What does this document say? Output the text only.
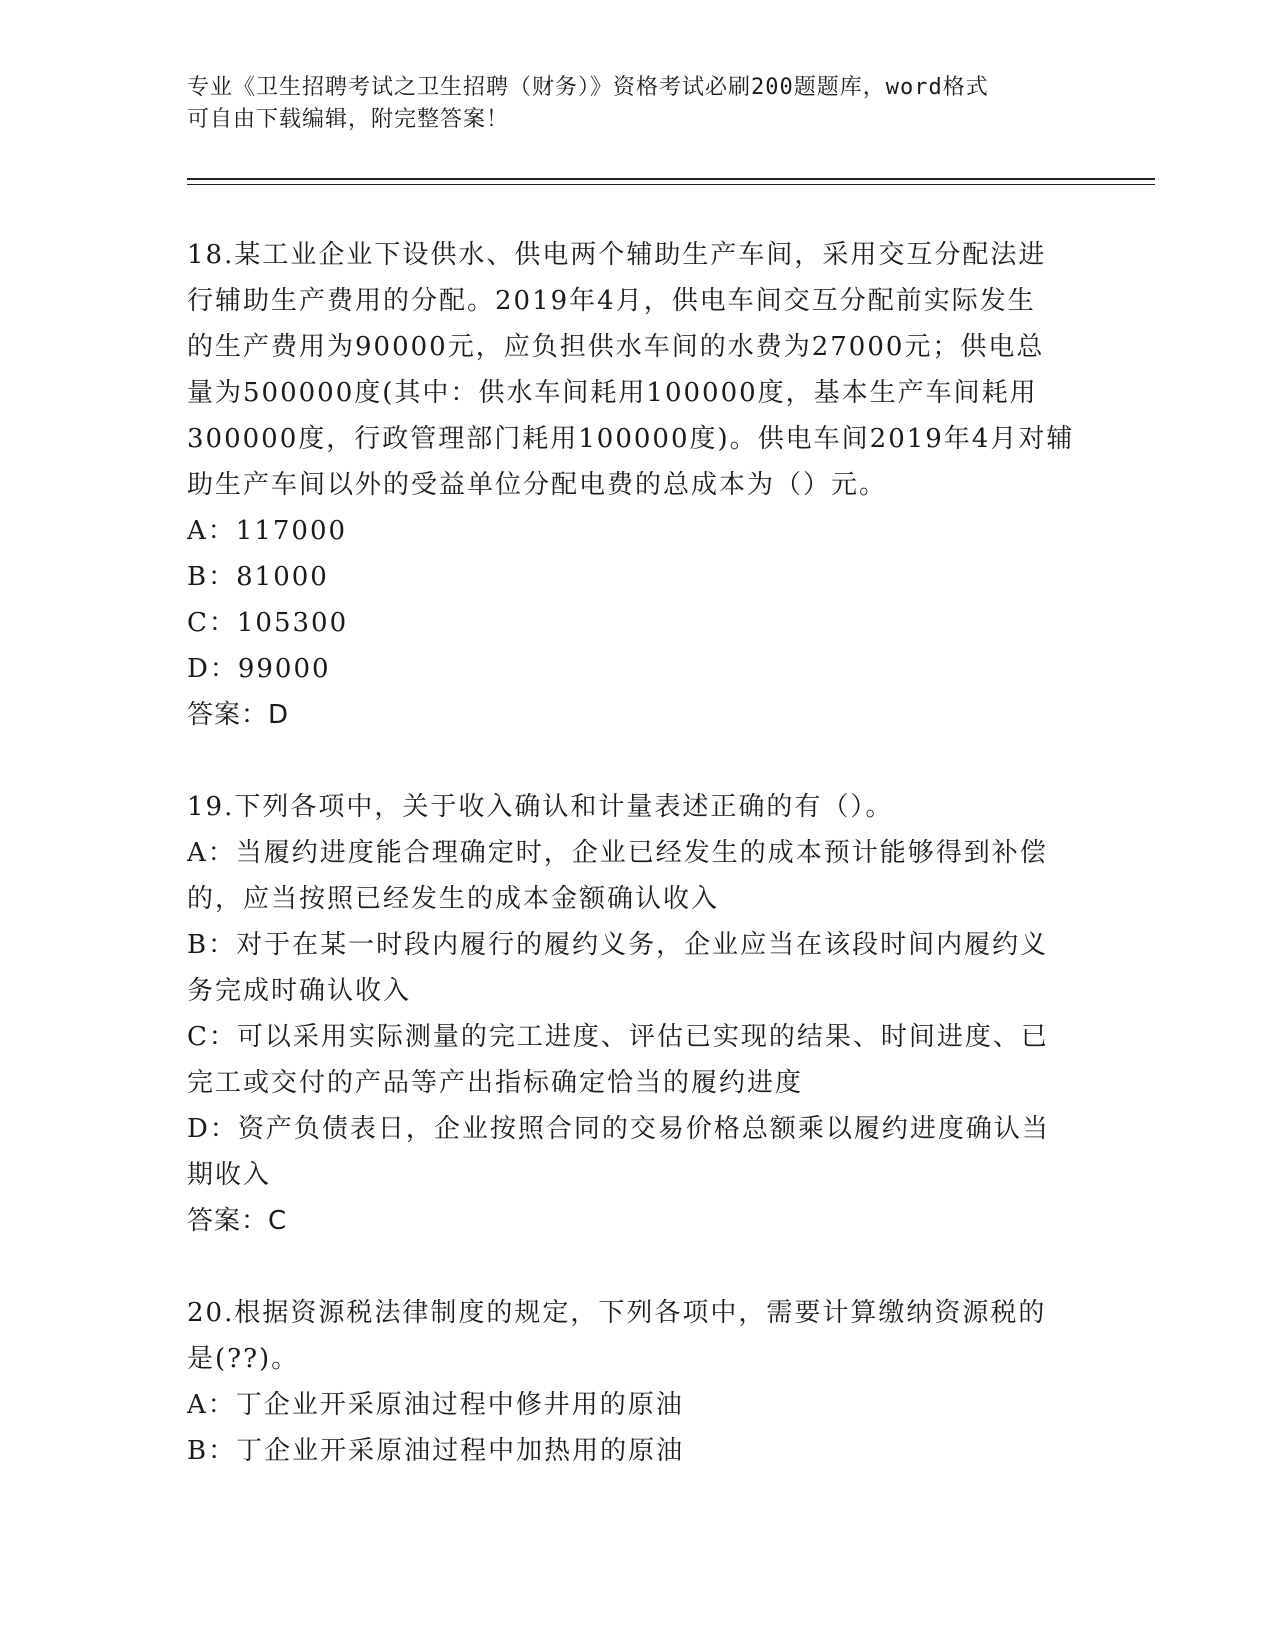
专业《卫生招聘考试之卫生招聘（财务）》资格考试必刷200题题库，word格式

可自由下载编辑，附完整答案！

18.某工业企业下设供水、供电两个辅助生产车间，采用交互分配法进

行辅助生产费用的分配。2019年4月，供电车间交互分配前实际发生

的生产费用为90000元，应负担供水车间的水费为27000元；供电总

量为500000度(其中：供水车间耗用100000度，基本生产车间耗用

300000度，行政管理部门耗用100000度)。供电车间2019年4月对辅

助生产车间以外的受益单位分配电费的总成本为（）元。

A：117000

B：81000

C：105300

D：99000

答案：D

19.下列各项中，关于收入确认和计量表述正确的有（）。

A：当履约进度能合理确定时，企业已经发生的成本预计能够得到补偿

的，应当按照已经发生的成本金额确认收入

B：对于在某一时段内履行的履约义务，企业应当在该段时间内履约义

务完成时确认收入

C：可以采用实际测量的完工进度、评估已实现的结果、时间进度、已

完工或交付的产品等产出指标确定恰当的履约进度

D：资产负债表日，企业按照合同的交易价格总额乘以履约进度确认当

期收入

答案：C

20.根据资源税法律制度的规定，下列各项中，需要计算缴纳资源税的

是(??)。

A：丁企业开采原油过程中修井用的原油

B：丁企业开采原油过程中加热用的原油
